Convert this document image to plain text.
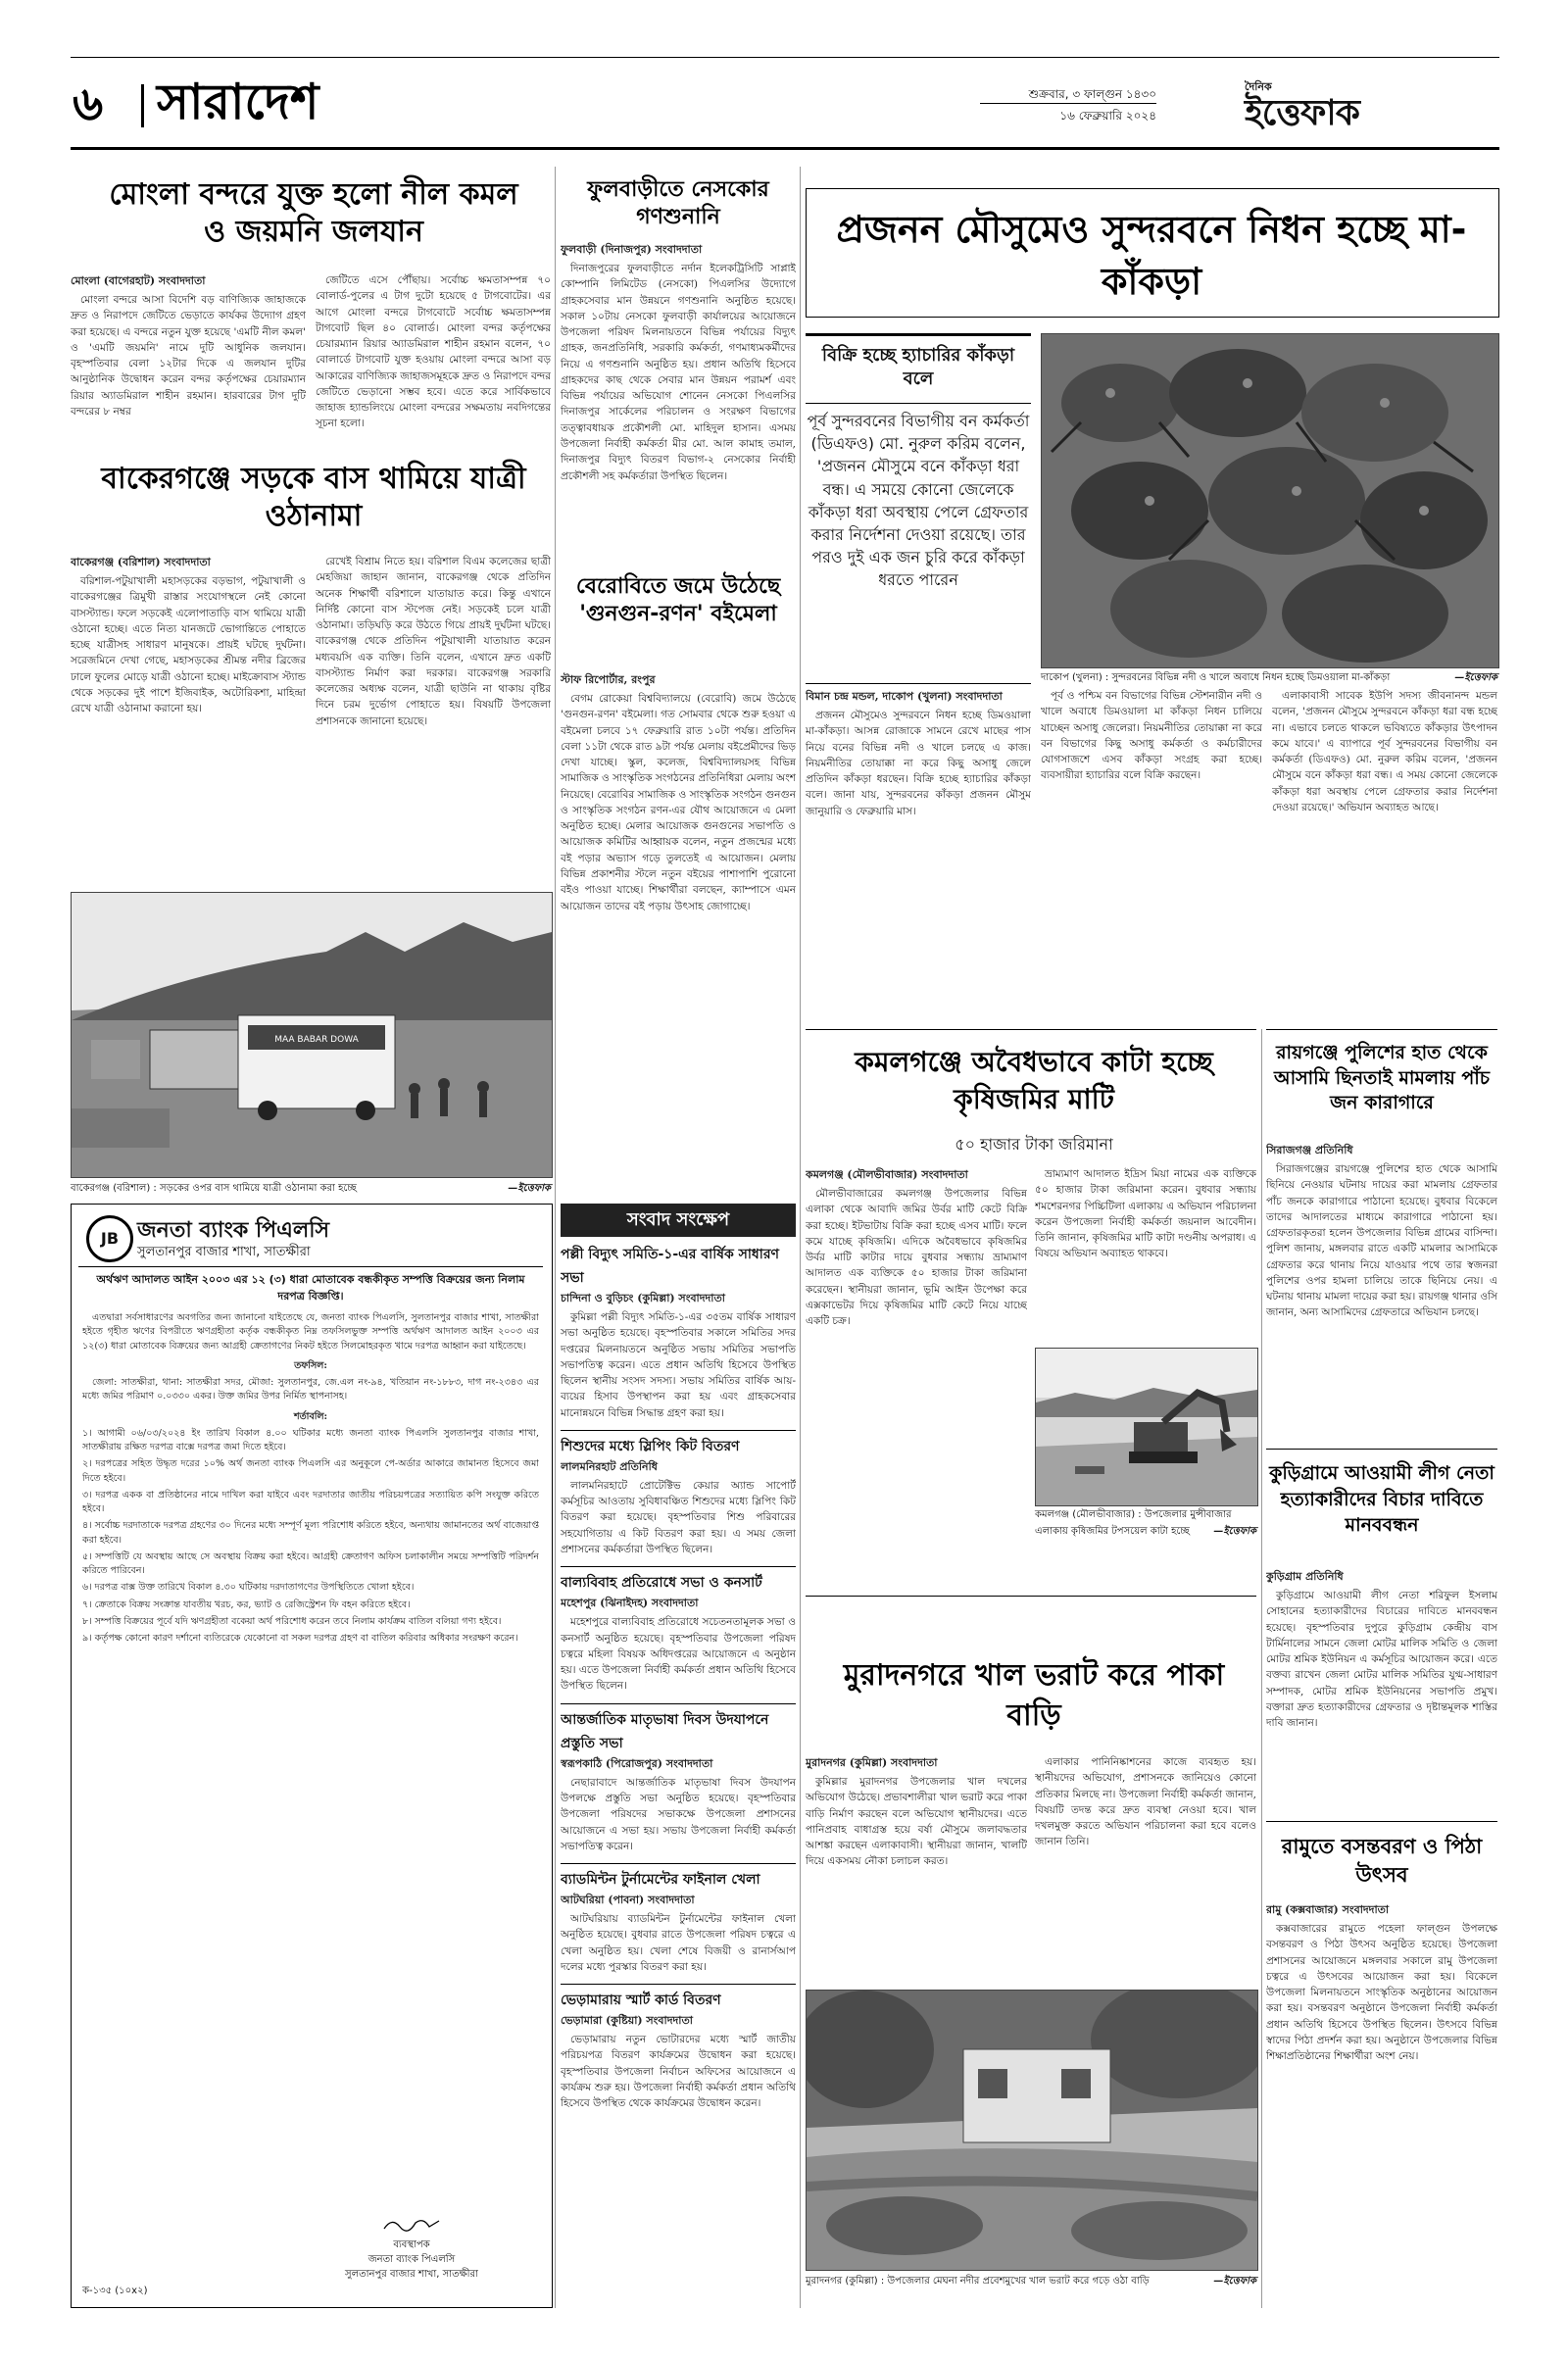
৬ সারাদেশ	শুক্রবার, ৩ ফাল্গুন ১৪৩০
১৬ ফেব্রুয়ারি ২০২৪
দৈনিক
ইত্তেফাক
মোংলা বন্দরে যুক্ত হলো নীল কমল ও জয়মনি জলযান

মোংলা (বাগেরহাট) সংবাদদাতা

মোংলা বন্দরে আসা বিদেশি বড় বাণিজ্যিক জাহাজকে দ্রুত ও নিরাপদে জেটিতে ভেড়াতে কার্যকর উদ্যোগ গ্রহণ করা হয়েছে। এ বন্দরে নতুন যুক্ত হয়েছে 'এমটি নীল কমল' ও 'এমটি জয়মনি' নামে দুটি আধুনিক জলযান। বৃহস্পতিবার বেলা ১২টার দিকে এ জলযান দুটির আনুষ্ঠানিক উদ্বোধন করেন বন্দর কর্তৃপক্ষের চেয়ারম্যান রিয়ার অ্যাডমিরাল শাহীন রহমান। হারবারের টাগ দুটি বন্দরের ৮ নম্বর

জেটিতে এসে পৌঁছায়। সর্বোচ্চ ক্ষমতাসম্পন্ন ৭০ বোলার্ড-পুলের এ টাগ দুটো হয়েছে ৫ টাগবোটের। এর আগে মোংলা বন্দরে টাগবোটে সর্বোচ্চ ক্ষমতাসম্পন্ন টাগবোট ছিল ৪০ বোলার্ড। মোংলা বন্দর কর্তৃপক্ষের চেয়ারম্যান রিয়ার অ্যাডমিরাল শাহীন রহমান বলেন, ৭০ বোলার্ডে টাগবোট যুক্ত হওয়ায় মোংলা বন্দরে আসা বড় আকারের বাণিজ্যিক জাহাজসমূহকে দ্রুত ও নিরাপদে বন্দর জেটিতে ভেড়ানো সম্ভব হবে। এতে করে সার্বিকভাবে জাহাজ হ্যান্ডলিংয়ে মোংলা বন্দরের সক্ষমতায় নবদিগন্তের সূচনা হলো।

বাকেরগঞ্জে সড়কে বাস থামিয়ে যাত্রী ওঠানামা

বাকেরগঞ্জ (বরিশাল) সংবাদদাতা

বরিশাল-পটুয়াখালী মহাসড়কের বড়ভাগ, পটুয়াখালী ও বাকেরগঞ্জের ত্রিমুখী রাস্তার সংযোগস্থলে নেই কোনো বাসস্ট্যান্ড। ফলে সড়কেই এলোপাতাড়ি বাস থামিয়ে যাত্রী ওঠানো হচ্ছে। এতে নিত্য যানজটে ভোগান্তিতে পোহাতে হচ্ছে যাত্রীসহ সাধারণ মানুষকে। প্রায়ই ঘটছে দুর্ঘটনা। সরেজমিনে দেখা গেছে, মহাসড়কের শ্রীমন্ত নদীর ব্রিজের ঢালে ফুলের মোড়ে যাত্রী ওঠানো হচ্ছে। মাইক্রোবাস স্ট্যান্ড থেকে সড়কের দুই পাশে ইজিবাইক, অটোরিকশা, মাহিন্দ্রা রেখে যাত্রী ওঠানামা করানো হয়।

রেখেই বিশ্রাম নিতে হয়। বরিশাল বিএম কলেজের ছাত্রী মেহজিয়া জাহান জানান, বাকেরগঞ্জ থেকে প্রতিদিন অনেক শিক্ষার্থী বরিশালে যাতায়াত করে। কিন্তু এখানে নির্দিষ্ট কোনো বাস স্টপেজ নেই। সড়কেই চলে যাত্রী ওঠানামা। তড়িঘড়ি করে উঠতে গিয়ে প্রায়ই দুর্ঘটনা ঘটছে। বাকেরগঞ্জ থেকে প্রতিদিন পটুয়াখালী যাতায়াত করেন মধ্যবয়সি এক ব্যক্তি। তিনি বলেন, এখানে দ্রুত একটি বাসস্ট্যান্ড নির্মাণ করা দরকার। বাকেরগঞ্জ সরকারি কলেজের অধ্যক্ষ বলেন, যাত্রী ছাউনি না থাকায় বৃষ্টির দিনে চরম দুর্ভোগ পোহাতে হয়। বিষয়টি উপজেলা প্রশাসনকে জানানো হয়েছে।

MAA BABAR DOWA
বাকেরগঞ্জ (বরিশাল) : সড়কের ওপর বাস থামিয়ে যাত্রী ওঠানামা করা হচ্ছে	—ইত্তেফাক
ফুলবাড়ীতে নেসকোর গণশুনানি

ফুলবাড়ী (দিনাজপুর) সংবাদদাতা

দিনাজপুরের ফুলবাড়ীতে নর্দান ইলেকট্রিসিটি সাপ্লাই কোম্পানি লিমিটেড (নেসকো) পিএলসির উদ্যোগে গ্রাহকসেবার মান উন্নয়নে গণশুনানি অনুষ্ঠিত হয়েছে। সকাল ১০টায় নেসকো ফুলবাড়ী কার্যালয়ের আয়োজনে উপজেলা পরিষদ মিলনায়তনে বিভিন্ন পর্যায়ের বিদ্যুৎ গ্রাহক, জনপ্রতিনিধি, সরকারি কর্মকর্তা, গণমাধ্যমকর্মীদের নিয়ে এ গণশুনানি অনুষ্ঠিত হয়। প্রধান অতিথি হিসেবে গ্রাহকদের কাছ থেকে সেবার মান উন্নয়ন পরামর্শ এবং বিভিন্ন পর্যায়ের অভিযোগ শোনেন নেসকো পিএলসির দিনাজপুর সার্কেলের পরিচালন ও সংরক্ষণ বিভাগের তত্ত্বাবধায়ক প্রকৌশলী মো. মাহিদুল হাসান। এসময় উপজেলা নির্বাহী কর্মকর্তা মীর মো. আল কামাহ তমাল, দিনাজপুর বিদ্যুৎ বিতরণ বিভাগ-২ নেসকোর নির্বাহী প্রকৌশলী সহ কর্মকর্তারা উপস্থিত ছিলেন।

বেরোবিতে জমে উঠেছে 'গুনগুন-রণন' বইমেলা

স্টাফ রিপোর্টার, রংপুর

বেগম রোকেয়া বিশ্ববিদ্যালয়ে (বেরোবি) জমে উঠেছে 'গুনগুন-রণন' বইমেলা। গত সোমবার থেকে শুরু হওয়া এ বইমেলা চলবে ১৭ ফেব্রুয়ারি রাত ১০টা পর্যন্ত। প্রতিদিন বেলা ১১টা থেকে রাত ৯টা পর্যন্ত মেলায় বইপ্রেমীদের ভিড় দেখা যাচ্ছে। স্কুল, কলেজ, বিশ্ববিদ্যালয়সহ বিভিন্ন সামাজিক ও সাংস্কৃতিক সংগঠনের প্রতিনিধিরা মেলায় অংশ নিয়েছে। বেরোবির সামাজিক ও সাংস্কৃতিক সংগঠন গুনগুন ও সাংস্কৃতিক সংগঠন রণন-এর যৌথ আয়োজনে এ মেলা অনুষ্ঠিত হচ্ছে। মেলার আয়োজক গুনগুনের সভাপতি ও আয়োজক কমিটির আহ্বায়ক বলেন, নতুন প্রজন্মের মধ্যে বই পড়ার অভ্যাস গড়ে তুলতেই এ আয়োজন। মেলায় বিভিন্ন প্রকাশনীর স্টলে নতুন বইয়ের পাশাপাশি পুরোনো বইও পাওয়া যাচ্ছে। শিক্ষার্থীরা বলছেন, ক্যাম্পাসে এমন আয়োজন তাদের বই পড়ায় উৎসাহ জোগাচ্ছে।

প্রজনন মৌসুমেও সুন্দরবনে নিধন হচ্ছে মা-কাঁকড়া
বিক্রি হচ্ছে হ্যাচারির কাঁকড়া বলে
পূর্ব সুন্দরবনের বিভাগীয় বন কর্মকর্তা (ডিএফও) মো. নুরুল করিম বলেন, 'প্রজনন মৌসুমে বনে কাঁকড়া ধরা বন্ধ। এ সময়ে কোনো জেলেকে কাঁকড়া ধরা অবস্থায় পেলে গ্রেফতার করার নির্দেশনা দেওয়া রয়েছে। তার পরও দুই এক জন চুরি করে কাঁকড়া ধরতে পারেন
দাকোপ (খুলনা) : সুন্দরবনের বিভিন্ন নদী ও খালে অবাধে নিধন হচ্ছে ডিমওয়ালা মা-কাঁকড়া	—ইত্তেফাক

বিমান চন্দ্র মন্ডল, দাকোপ (খুলনা) সংবাদদাতা

প্রজনন মৌসুমেও সুন্দরবনে নিধন হচ্ছে ডিমওয়ালা মা-কাঁকড়া। আসন্ন রোজাকে সামনে রেখে মাছের পাস নিয়ে বনের বিভিন্ন নদী ও খালে চলছে এ কাজ। নিয়মনীতির তোয়াক্কা না করে কিছু অসাধু জেলে প্রতিদিন কাঁকড়া ধরছেন। বিক্রি হচ্ছে হ্যাচারির কাঁকড়া বলে। জানা যায়, সুন্দরবনের কাঁকড়া প্রজনন মৌসুম জানুয়ারি ও ফেব্রুয়ারি মাস।

পূর্ব ও পশ্চিম বন বিভাগের বিভিন্ন স্টেশনারীন নদী ও খালে অবাধে ডিমওয়ালা মা কাঁকড়া নিধন চালিয়ে যাচ্ছেন অসাধু জেলেরা। নিয়মনীতির তোয়াক্কা না করে বন বিভাগের কিছু অসাধু কর্মকর্তা ও কর্মচারীদের যোগসাজশে এসব কাঁকড়া সংগ্রহ করা হচ্ছে। ব্যবসায়ীরা হ্যাচারির বলে বিক্রি করছেন।

এলাকাবাসী সাবেক ইউপি সদস্য জীবনানন্দ মন্ডল বলেন, 'প্রজনন মৌসুমে সুন্দরবনে কাঁকড়া ধরা বন্ধ হচ্ছে না। এভাবে চলতে থাকলে ভবিষ্যতে কাঁকড়ার উৎপাদন কমে যাবে।' এ ব্যাপারে পূর্ব সুন্দরবনের বিভাগীয় বন কর্মকর্তা (ডিএফও) মো. নুরুল করিম বলেন, 'প্রজনন মৌসুমে বনে কাঁকড়া ধরা বন্ধ। এ সময় কোনো জেলেকে কাঁকড়া ধরা অবস্থায় পেলে গ্রেফতার করার নির্দেশনা দেওয়া রয়েছে।' অভিযান অব্যাহত আছে।

কমলগঞ্জে অবৈধভাবে কাটা হচ্ছে কৃষিজমির মাটি
৫০ হাজার টাকা জরিমানা

কমলগঞ্জ (মৌলভীবাজার) সংবাদদাতা

মৌলভীবাজারের কমলগঞ্জ উপজেলার বিভিন্ন এলাকা থেকে আবাদি জমির উর্বর মাটি কেটে বিক্রি করা হচ্ছে। ইটভাটায় বিক্রি করা হচ্ছে এসব মাটি। ফলে কমে যাচ্ছে কৃষিজমি। এদিকে অবৈধভাবে কৃষিজমির উর্বর মাটি কাটার দায়ে বুধবার সন্ধ্যায় ভ্রাম্যমাণ আদালত এক ব্যক্তিকে ৫০ হাজার টাকা জরিমানা করেছেন। স্থানীয়রা জানান, ভূমি আইন উপেক্ষা করে এক্সকাভেটর দিয়ে কৃষিজমির মাটি কেটে নিয়ে যাচ্ছে একটি চক্র।

ভ্রাম্যমাণ আদালত ইদ্রিস মিয়া নামের এক ব্যক্তিকে ৫০ হাজার টাকা জরিমানা করেন। বুধবার সন্ধ্যায় শমশেরনগর পিচ্চিটিলা এলাকায় এ অভিযান পরিচালনা করেন উপজেলা নির্বাহী কর্মকর্তা জয়নাল আবেদীন। তিনি জানান, কৃষিজমির মাটি কাটা দণ্ডনীয় অপরাধ। এ বিষয়ে অভিযান অব্যাহত থাকবে।

কমলগঞ্জ (মৌলভীবাজার) : উপজেলার মুন্সীবাজার এলাকায় কৃষিজমির টপসয়েল কাটা হচ্ছে —ইত্তেফাক
রায়গঞ্জে পুলিশের হাত থেকে আসামি ছিনতাই মামলায় পাঁচ জন কারাগারে

সিরাজগঞ্জ প্রতিনিধি

সিরাজগঞ্জের রায়গঞ্জে পুলিশের হাত থেকে আসামি ছিনিয়ে নেওয়ার ঘটনায় দায়ের করা মামলায় গ্রেফতার পাঁচ জনকে কারাগারে পাঠানো হয়েছে। বুধবার বিকেলে তাদের আদালতের মাধ্যমে কারাগারে পাঠানো হয়। গ্রেফতারকৃতরা হলেন উপজেলার বিভিন্ন গ্রামের বাসিন্দা। পুলিশ জানায়, মঙ্গলবার রাতে একটি মামলার আসামিকে গ্রেফতার করে থানায় নিয়ে যাওয়ার পথে তার স্বজনরা পুলিশের ওপর হামলা চালিয়ে তাকে ছিনিয়ে নেয়। এ ঘটনায় থানায় মামলা দায়ের করা হয়। রায়গঞ্জ থানার ওসি জানান, অন্য আসামিদের গ্রেফতারে অভিযান চলছে।

কুড়িগ্রামে আওয়ামী লীগ নেতা হত্যাকারীদের বিচার দাবিতে মানববন্ধন

কুড়িগ্রাম প্রতিনিধি

কুড়িগ্রামে আওয়ামী লীগ নেতা শরিফুল ইসলাম সোহানের হত্যাকারীদের বিচারের দাবিতে মানববন্ধন হয়েছে। বৃহস্পতিবার দুপুরে কুড়িগ্রাম কেন্দ্রীয় বাস টার্মিনালের সামনে জেলা মোটর মালিক সমিতি ও জেলা মোটর শ্রমিক ইউনিয়ন এ কর্মসূচির আয়োজন করে। এতে বক্তব্য রাখেন জেলা মোটর মালিক সমিতির যুগ্ম-সাধারণ সম্পাদক, মোটর শ্রমিক ইউনিয়নের সভাপতি প্রমুখ। বক্তারা দ্রুত হত্যাকারীদের গ্রেফতার ও দৃষ্টান্তমূলক শাস্তির দাবি জানান।

রামুতে বসন্তবরণ ও পিঠা উৎসব

রামু (কক্সবাজার) সংবাদদাতা

কক্সবাজারের রামুতে পহেলা ফাল্গুন উপলক্ষে বসন্তবরণ ও পিঠা উৎসব অনুষ্ঠিত হয়েছে। উপজেলা প্রশাসনের আয়োজনে মঙ্গলবার সকালে রামু উপজেলা চত্বরে এ উৎসবের আয়োজন করা হয়। বিকেলে উপজেলা মিলনায়তনে সাংস্কৃতিক অনুষ্ঠানের আয়োজন করা হয়। বসন্তবরণ অনুষ্ঠানে উপজেলা নির্বাহী কর্মকর্তা প্রধান অতিথি হিসেবে উপস্থিত ছিলেন। উৎসবে বিভিন্ন স্বাদের পিঠা প্রদর্শন করা হয়। অনুষ্ঠানে উপজেলার বিভিন্ন শিক্ষাপ্রতিষ্ঠানের শিক্ষার্থীরা অংশ নেয়।

মুরাদনগরে খাল ভরাট করে পাকা বাড়ি

মুরাদনগর (কুমিল্লা) সংবাদদাতা

কুমিল্লার মুরাদনগর উপজেলার খাল দখলের অভিযোগ উঠেছে। প্রভাবশালীরা খাল ভরাট করে পাকা বাড়ি নির্মাণ করছেন বলে অভিযোগ স্থানীয়দের। এতে পানিপ্রবাহ বাধাগ্রস্ত হয়ে বর্ষা মৌসুমে জলাবদ্ধতার আশঙ্কা করছেন এলাকাবাসী। স্থানীয়রা জানান, খালটি দিয়ে একসময় নৌকা চলাচল করত।

এলাকার পানিনিষ্কাশনের কাজে ব্যবহৃত হয়। স্থানীয়দের অভিযোগ, প্রশাসনকে জানিয়েও কোনো প্রতিকার মিলছে না। উপজেলা নির্বাহী কর্মকর্তা জানান, বিষয়টি তদন্ত করে দ্রুত ব্যবস্থা নেওয়া হবে। খাল দখলমুক্ত করতে অভিযান পরিচালনা করা হবে বলেও জানান তিনি।

মুরাদনগর (কুমিল্লা) : উপজেলার মেঘনা নদীর প্রবেশমুখের খাল ভরাট করে গড়ে ওঠা বাড়ি	—ইত্তেফাক
JB জনতা ব্যাংক পিএলসি
সুলতানপুর বাজার শাখা, সাতক্ষীরা
অর্থঋণ আদালত আইন ২০০৩ এর ১২ (৩) ধারা মোতাবেক বন্ধকীকৃত সম্পত্তি বিক্রয়ের জন্য নিলাম দরপত্র বিজ্ঞপ্তি।

এতদ্বারা সর্বসাধারণের অবগতির জন্য জানানো যাইতেছে যে, জনতা ব্যাংক পিএলসি, সুলতানপুর বাজার শাখা, সাতক্ষীরা হইতে গৃহীত ঋণের বিপরীতে ঋণগ্রহীতা কর্তৃক বন্ধকীকৃত নিম্ন তফসিলভুক্ত সম্পত্তি অর্থঋণ আদালত আইন ২০০৩ এর ১২(৩) ধারা মোতাবেক বিক্রয়ের জন্য আগ্রহী ক্রেতাগণের নিকট হইতে সিলমোহরকৃত খামে দরপত্র আহ্বান করা যাইতেছে।

তফসিল:

জেলা: সাতক্ষীরা, থানা: সাতক্ষীরা সদর, মৌজা: সুলতানপুর, জে.এল নং-৯৪, খতিয়ান নং-১৮৮৩, দাগ নং-২৩৪৩ এর মধ্যে জমির পরিমাণ ০.০৩৩০ একর। উক্ত জমির উপর নির্মিত স্থাপনাসহ।

শর্তাবলি:

১। আগামী ০৬/০৩/২০২৪ ইং তারিখ বিকাল ৪.০০ ঘটিকার মধ্যে জনতা ব্যাংক পিএলসি সুলতানপুর বাজার শাখা, সাতক্ষীরায় রক্ষিত দরপত্র বাক্সে দরপত্র জমা দিতে হইবে।

২। দরপত্রের সহিত উদ্ধৃত দরের ১০% অর্থ জনতা ব্যাংক পিএলসি এর অনুকূলে পে-অর্ডার আকারে জামানত হিসেবে জমা দিতে হইবে।

৩। দরপত্র একক বা প্রতিষ্ঠানের নামে দাখিল করা যাইবে এবং দরদাতার জাতীয় পরিচয়পত্রের সত্যায়িত কপি সংযুক্ত করিতে হইবে।

৪। সর্বোচ্চ দরদাতাকে দরপত্র গ্রহণের ৩০ দিনের মধ্যে সম্পূর্ণ মূল্য পরিশোধ করিতে হইবে, অন্যথায় জামানতের অর্থ বাজেয়াপ্ত করা হইবে।

৫। সম্পত্তিটি যে অবস্থায় আছে সে অবস্থায় বিক্রয় করা হইবে। আগ্রহী ক্রেতাগণ অফিস চলাকালীন সময়ে সম্পত্তিটি পরিদর্শন করিতে পারিবেন।

৬। দরপত্র বাক্স উক্ত তারিখে বিকাল ৪.৩০ ঘটিকায় দরদাতাগণের উপস্থিতিতে খোলা হইবে।

৭। ক্রেতাকে বিক্রয় সংক্রান্ত যাবতীয় খরচ, কর, ভ্যাট ও রেজিস্ট্রেশন ফি বহন করিতে হইবে।

৮। সম্পত্তি বিক্রয়ের পূর্বে যদি ঋণগ্রহীতা বকেয়া অর্থ পরিশোধ করেন তবে নিলাম কার্যক্রম বাতিল বলিয়া গণ্য হইবে।

৯। কর্তৃপক্ষ কোনো কারণ দর্শানো ব্যতিরেকে যেকোনো বা সকল দরপত্র গ্রহণ বা বাতিল করিবার অধিকার সংরক্ষণ করেন।

ব্যবস্থাপক
জনতা ব্যাংক পিএলসি
সুলতানপুর বাজার শাখা, সাতক্ষীরা
ক-১৩৫ (১০x২)
সংবাদ সংক্ষেপ
পল্লী বিদ্যুৎ সমিতি-১-এর বার্ষিক সাধারণ সভা

চান্দিনা ও বুড়িচং (কুমিল্লা) সংবাদদাতা

কুমিল্লা পল্লী বিদ্যুৎ সমিতি-১-এর ৩৫তম বার্ষিক সাধারণ সভা অনুষ্ঠিত হয়েছে। বৃহস্পতিবার সকালে সমিতির সদর দপ্তরের মিলনায়তনে অনুষ্ঠিত সভায় সমিতির সভাপতি সভাপতিত্ব করেন। এতে প্রধান অতিথি হিসেবে উপস্থিত ছিলেন স্থানীয় সংসদ সদস্য। সভায় সমিতির বার্ষিক আয়-ব্যয়ের হিসাব উপস্থাপন করা হয় এবং গ্রাহকসেবার মানোন্নয়নে বিভিন্ন সিদ্ধান্ত গ্রহণ করা হয়।

শিশুদের মধ্যে স্লিপিং কিট বিতরণ

লালমনিরহাট প্রতিনিধি

লালমনিরহাটে প্রোটেক্টিভ কেয়ার অ্যান্ড সাপোর্ট কর্মসূচির আওতায় সুবিধাবঞ্চিত শিশুদের মধ্যে স্লিপিং কিট বিতরণ করা হয়েছে। বৃহস্পতিবার শিশু পরিবারের সহযোগিতায় এ কিট বিতরণ করা হয়। এ সময় জেলা প্রশাসনের কর্মকর্তারা উপস্থিত ছিলেন।

বাল্যবিবাহ প্রতিরোধে সভা ও কনসার্ট

মহেশপুর (ঝিনাইদহ) সংবাদদাতা

মহেশপুরে বাল্যবিবাহ প্রতিরোধে সচেতনতামূলক সভা ও কনসার্ট অনুষ্ঠিত হয়েছে। বৃহস্পতিবার উপজেলা পরিষদ চত্বরে মহিলা বিষয়ক অধিদপ্তরের আয়োজনে এ অনুষ্ঠান হয়। এতে উপজেলা নির্বাহী কর্মকর্তা প্রধান অতিথি হিসেবে উপস্থিত ছিলেন।

আন্তর্জাতিক মাতৃভাষা দিবস উদযাপনে প্রস্তুতি সভা

স্বরূপকাঠি (পিরোজপুর) সংবাদদাতা

নেছারাবাদে আন্তর্জাতিক মাতৃভাষা দিবস উদযাপন উপলক্ষে প্রস্তুতি সভা অনুষ্ঠিত হয়েছে। বৃহস্পতিবার উপজেলা পরিষদের সভাকক্ষে উপজেলা প্রশাসনের আয়োজনে এ সভা হয়। সভায় উপজেলা নির্বাহী কর্মকর্তা সভাপতিত্ব করেন।

ব্যাডমিন্টন টুর্নামেন্টের ফাইনাল খেলা

আটঘরিয়া (পাবনা) সংবাদদাতা

আটঘরিয়ায় ব্যাডমিন্টন টুর্নামেন্টের ফাইনাল খেলা অনুষ্ঠিত হয়েছে। বুধবার রাতে উপজেলা পরিষদ চত্বরে এ খেলা অনুষ্ঠিত হয়। খেলা শেষে বিজয়ী ও রানার্সআপ দলের মধ্যে পুরস্কার বিতরণ করা হয়।

ভেড়ামারায় স্মার্ট কার্ড বিতরণ

ভেড়ামারা (কুষ্টিয়া) সংবাদদাতা

ভেড়ামারায় নতুন ভোটারদের মধ্যে স্মার্ট জাতীয় পরিচয়পত্র বিতরণ কার্যক্রমের উদ্বোধন করা হয়েছে। বৃহস্পতিবার উপজেলা নির্বাচন অফিসের আয়োজনে এ কার্যক্রম শুরু হয়। উপজেলা নির্বাহী কর্মকর্তা প্রধান অতিথি হিসেবে উপস্থিত থেকে কার্যক্রমের উদ্বোধন করেন।
